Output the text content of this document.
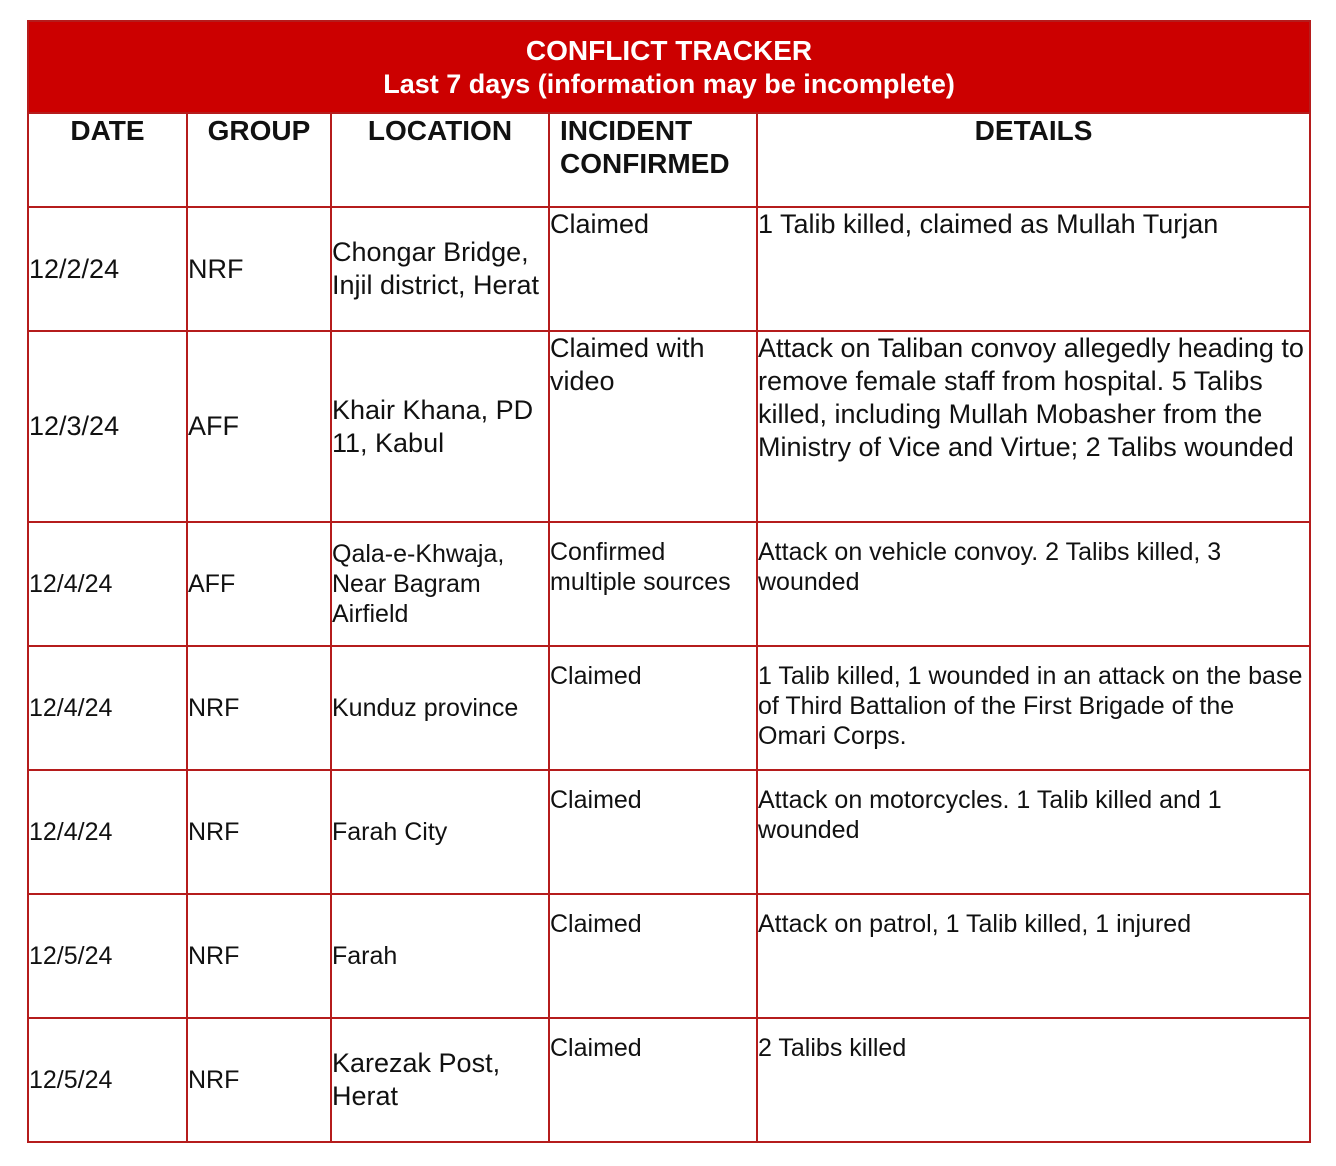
CONFLICT TRACKER
Last 7 days (information may be incomplete)				

DATE	GROUP	LOCATION	INCIDENT CONFIRMED	DETAILS
12/2/24	NRF	Chongar Bridge, Injil district, Herat	Claimed	1 Talib killed, claimed as Mullah Turjan
12/3/24	AFF	Khair Khana, PD 11, Kabul	Claimed with video	Attack on Taliban convoy allegedly heading to remove female staff from hospital. 5 Talibs killed, including Mullah Mobasher from the Ministry of Vice and Virtue; 2 Talibs wounded
12/4/24	AFF	Qala-e-Khwaja, Near Bagram Airfield	Confirmed multiple sources	Attack on vehicle convoy. 2 Talibs killed, 3 wounded
12/4/24	NRF	Kunduz province	Claimed	1 Talib killed, 1 wounded in an attack on the base of Third Battalion of the First Brigade of the Omari Corps.
12/4/24	NRF	Farah City	Claimed	Attack on motorcycles. 1 Talib killed and 1 wounded
12/5/24	NRF	Farah	Claimed	Attack on patrol, 1 Talib killed, 1 injured
12/5/24	NRF	Karezak Post, Herat	Claimed	2 Talibs killed
